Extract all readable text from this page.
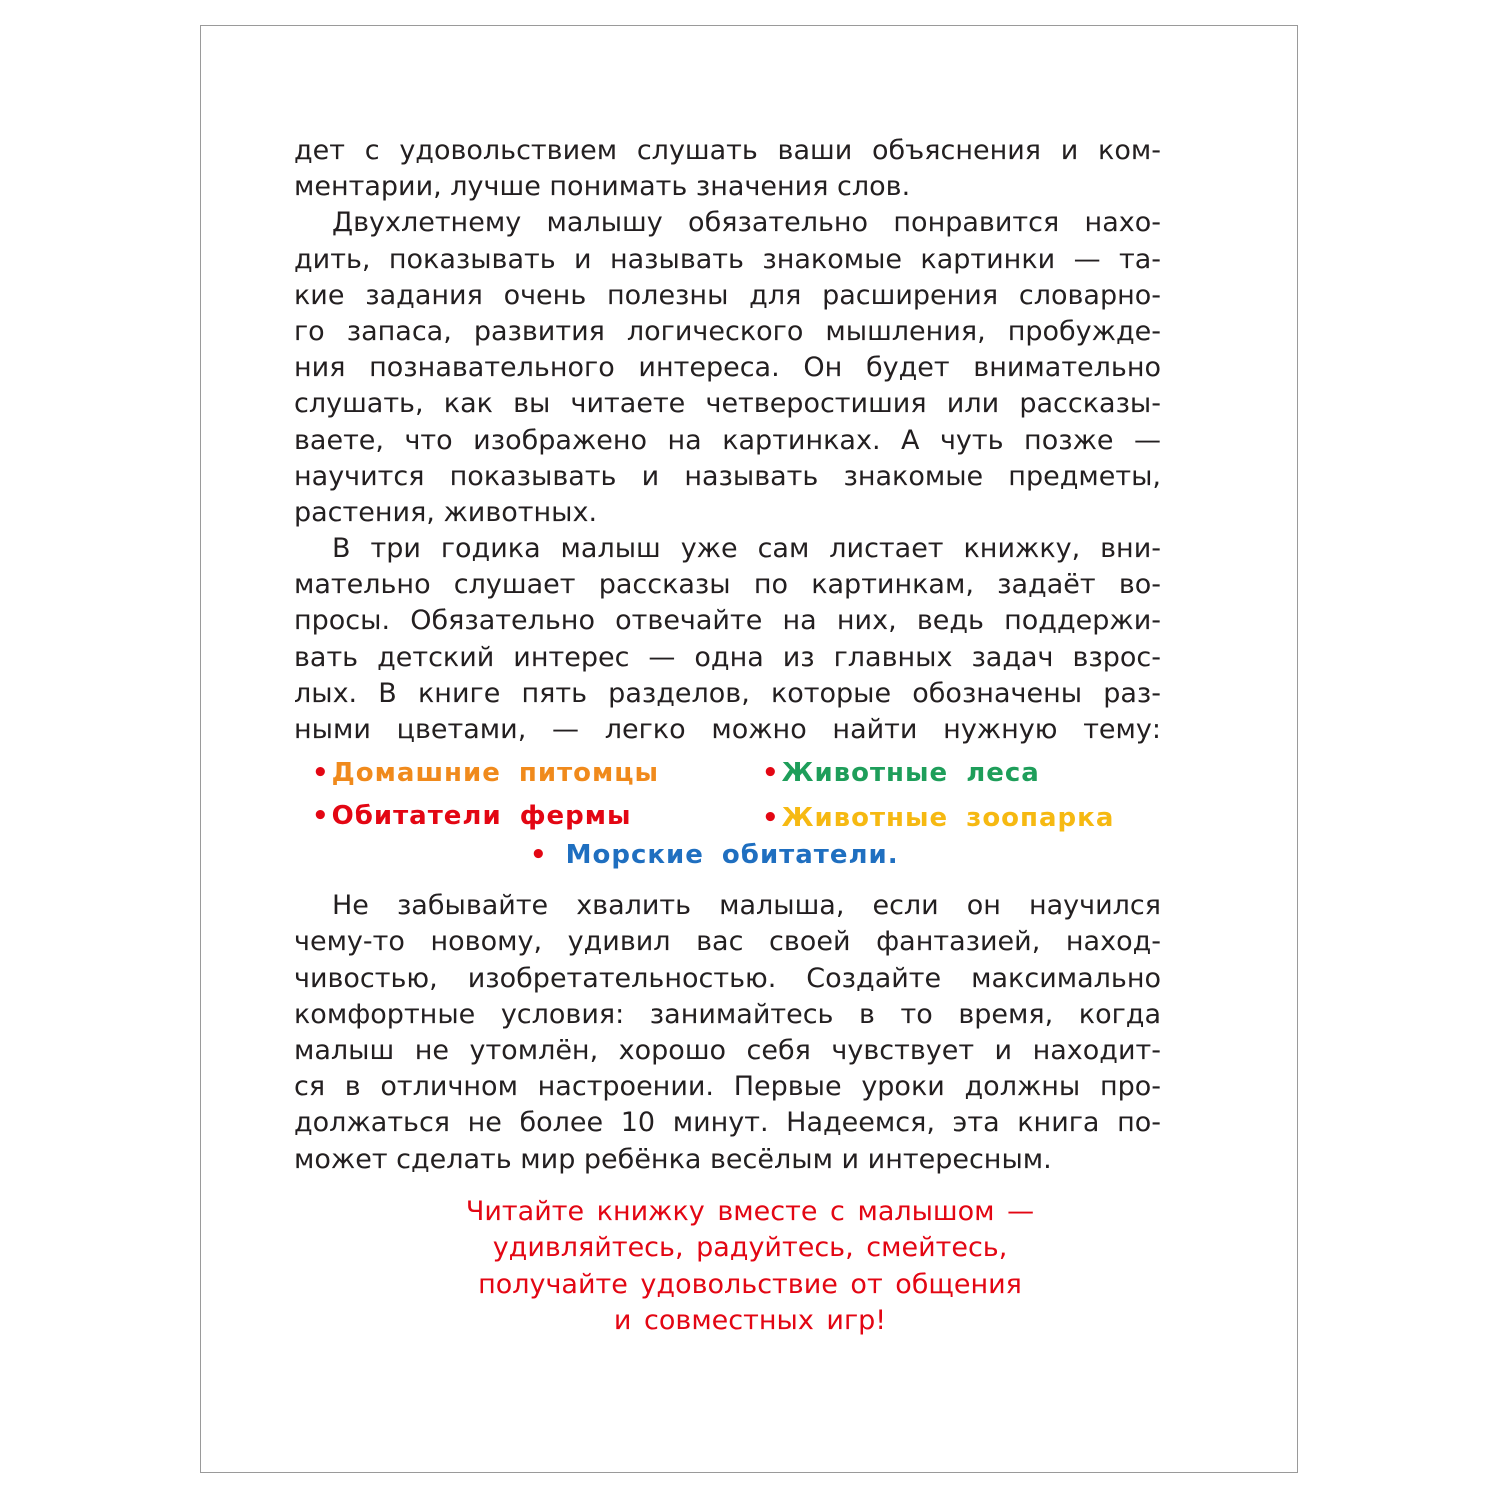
дет с удовольствием слушать ваши объяснения и ком-
ментарии, лучше понимать значения слов.
Двухлетнему малышу обязательно понравится нахо-
дить, показывать и называть знакомые картинки — та-
кие задания очень полезны для расширения словарно-
го запаса, развития логического мышления, пробужде-
ния познавательного интереса. Он будет внимательно
слушать, как вы читаете четверостишия или рассказы-
ваете, что изображено на картинках. А чуть позже —
научится показывать и называть знакомые предметы,
растения, животных.
В три годика малыш уже сам листает книжку, вни-
мательно слушает рассказы по картинкам, задаёт во-
просы. Обязательно отвечайте на них, ведь поддержи-
вать детский интерес — одна из главных задач взрос-
лых. В книге пять разделов, которые обозначены раз-
ными цветами, — легко можно найти нужную тему:
•Домашние питомцы	•Животные леса
•Обитатели фермы	•Животные зоопарка
• Морские обитатели.
Не забывайте хвалить малыша, если он научился
чему-то новому, удивил вас своей фантазией, наход-
чивостью, изобретательностью. Создайте максимально
комфортные условия: занимайтесь в то время, когда
малыш не утомлён, хорошо себя чувствует и находит-
ся в отличном настроении. Первые уроки должны про-
должаться не более 10 минут. Надеемся, эта книга по-
может сделать мир ребёнка весёлым и интересным.
Читайте книжку вместе с малышом —
удивляйтесь, радуйтесь, смейтесь,
получайте удовольствие от общения
и совместных игр!
